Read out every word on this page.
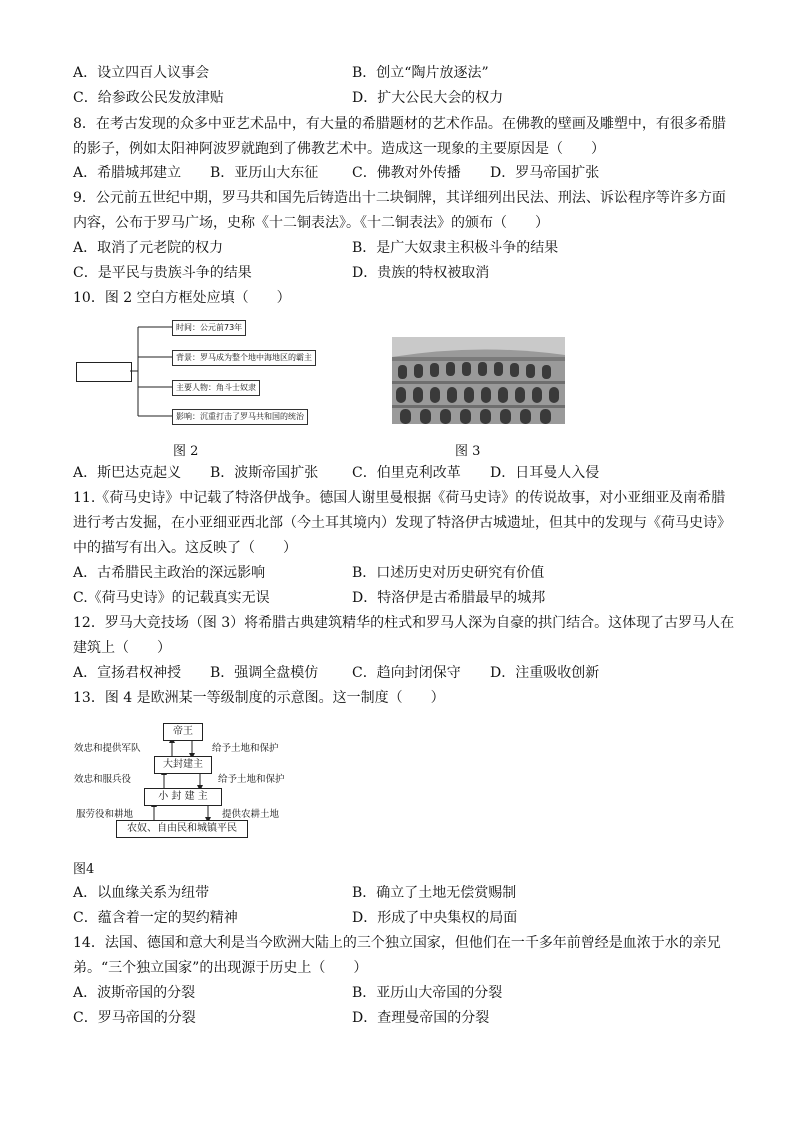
A．设立四百人议事会	B．创立“陶片放逐法”
C．给参政公民发放津贴	D．扩大公民大会的权力
8．在考古发现的众多中亚艺术品中，有大量的希腊题材的艺术作品。在佛教的壁画及雕塑中，有很多希腊
的影子，例如太阳神阿波罗就跑到了佛教艺术中。造成这一现象的主要原因是（　　）
A．希腊城邦建立 B．亚历山大东征 C．佛教对外传播 D．罗马帝国扩张
9．公元前五世纪中期，罗马共和国先后铸造出十二块铜牌，其详细列出民法、刑法、诉讼程序等许多方面
内容，公布于罗马广场，史称《十二铜表法》。《十二铜表法》的颁布（　　）
A．取消了元老院的权力	B．是广大奴隶主积极斗争的结果
C．是平民与贵族斗争的结果	D．贵族的特权被取消
10．图 2 空白方框处应填（　　）
时间：公元前73年
背景：罗马成为整个地中海地区的霸主
主要人物：角斗士奴隶
影响：沉重打击了罗马共和国的统治
图 2	图 3
A．斯巴达克起义 B．波斯帝国扩张 C．伯里克利改革 D．日耳曼人入侵
11.《荷马史诗》中记载了特洛伊战争。德国人谢里曼根据《荷马史诗》的传说故事，对小亚细亚及南希腊
进行考古发掘，在小亚细亚西北部（今土耳其境内）发现了特洛伊古城遗址，但其中的发现与《荷马史诗》
中的描写有出入。这反映了（　　）
A．古希腊民主政治的深远影响	B．口述历史对历史研究有价值
C.《荷马史诗》的记载真实无误	D．特洛伊是古希腊最早的城邦
12．罗马大竞技场（图 3）将希腊古典建筑精华的柱式和罗马人深为自豪的拱门结合。这体现了古罗马人在
建筑上（　　）
A．宣扬君权神授 B．强调全盘模仿 C．趋向封闭保守 D．注重吸收创新
13．图 4 是欧洲某一等级制度的示意图。这一制度（　　）
帝王
大封建主
小 封 建 主
农奴、自由民和城镇平民
效忠和提供军队
效忠和服兵役
服劳役和耕地
给予土地和保护
给予土地和保护
提供农耕土地
图4
A．以血缘关系为纽带	B．确立了土地无偿赏赐制
C．蕴含着一定的契约精神	D．形成了中央集权的局面
14．法国、德国和意大利是当今欧洲大陆上的三个独立国家，但他们在一千多年前曾经是血浓于水的亲兄
弟。“三个独立国家”的出现源于历史上（　　）
A．波斯帝国的分裂	B．亚历山大帝国的分裂
C．罗马帝国的分裂	D．查理曼帝国的分裂
